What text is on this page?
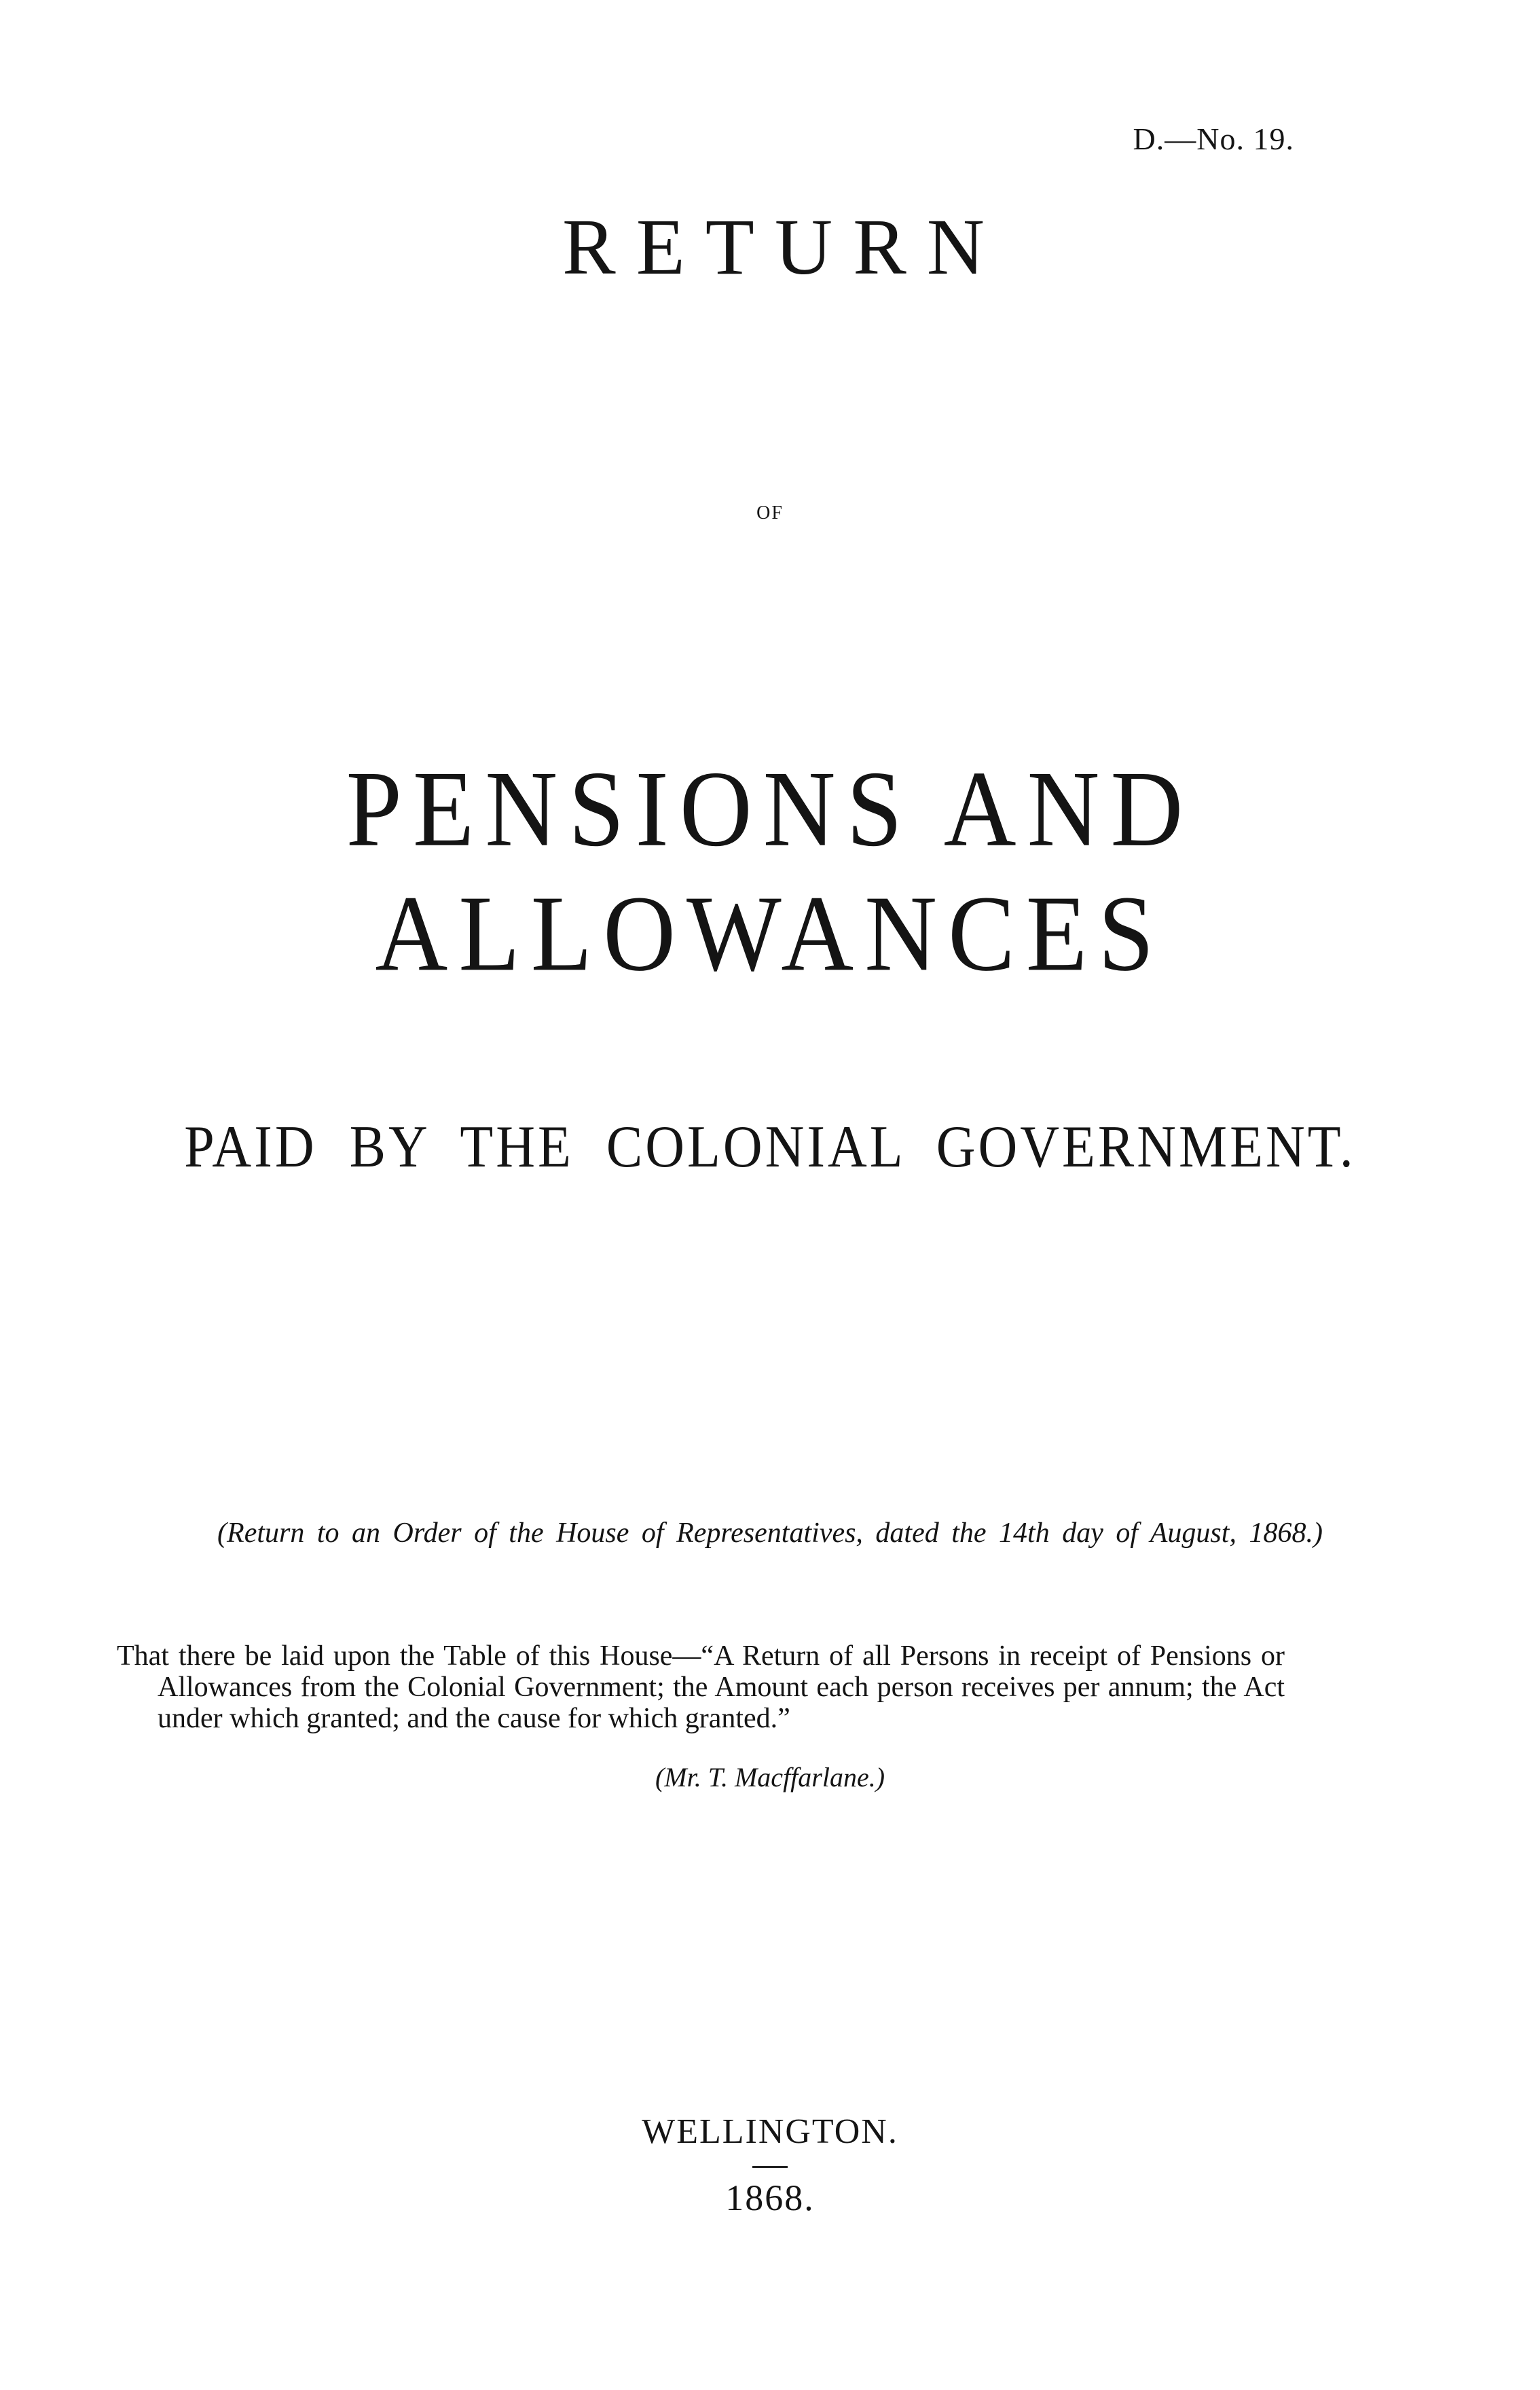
D.—No. 19.
RETURN
OF
PENSIONS AND ALLOWANCES
PAID BY THE COLONIAL GOVERNMENT.
(Return to an Order of the House of Representatives, dated the 14th day of August, 1868.)

That there be laid upon the Table of this House—“A Return of all Persons in receipt of Pensions or Allowances from the Colonial Government; the Amount each person receives per annum; the Act under which granted; and the cause for which granted.”

(Mr. T. Macffarlane.)
WELLINGTON.
1868.
